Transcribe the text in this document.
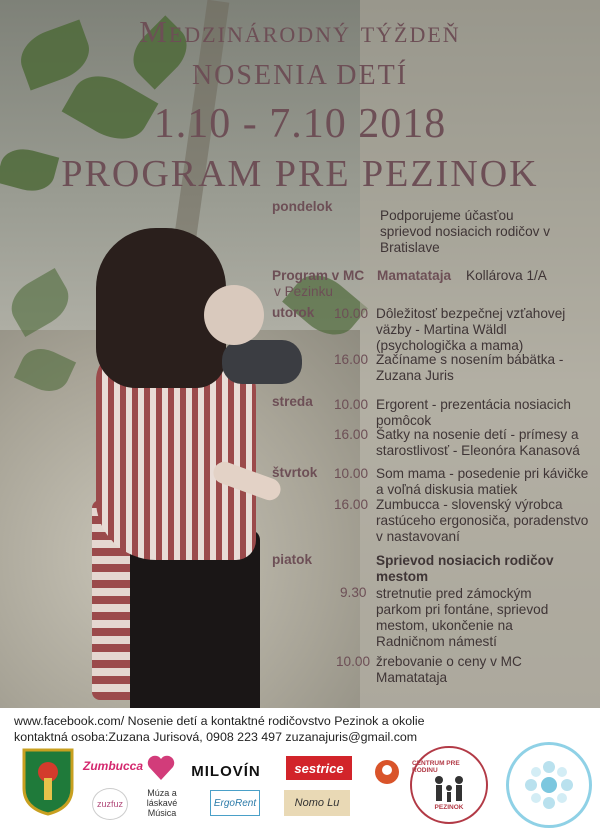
Medzinárodný týždeň
NOSENIA DETÍ
1.10 - 7.10 2018
PROGRAM PRE PEZINOK
pondelok
Podporujeme účasťou
sprievod nosiacich rodičov v
Bratislave
Program v MC Mamatataja Kollárova 1/A
v Pezinku
utorok 10.00 Dôležitosť bezpečnej vzťahovej
väzby - Martina Wäldl
(psychologička a mama)
16.00 Začíname s nosením bábätka -
Zuzana Juris
streda 10.00 Ergorent - prezentácia nosiacich
pomôcok
16.00 Šatky na nosenie detí - prímesy a
starostlivosť - Eleonóra Kanasová
štvrtok 10.00 Som mama - posedenie pri kávičke
a voľná diskusia matiek
16.00 Zumbucca - slovenský výrobca
rastúceho ergonosiča, poradenstvo
v nastavovaní
piatok	Sprievod nosiacich rodičov
mestom
9.30 stretnutie pred zámockým
parkom pri fontáne, sprievod
mestom, ukončenie na
Radničnom námestí
10.00 žrebovanie o ceny v MC
Mamatataja
www.facebook.com/ Nosenie detí a kontaktné rodičovstvo Pezinok a okolie
kontaktná osoba:Zuzana Jurisová, 0908 223 497 zuzanajuris@gmail.com
Zumbucca
zuzfuz
Múza a láskavé Música
MILOVÍN
ErgoRent
sestrice
Nomo Lu
CENTRUM PRE RODINU
PEZINOK
